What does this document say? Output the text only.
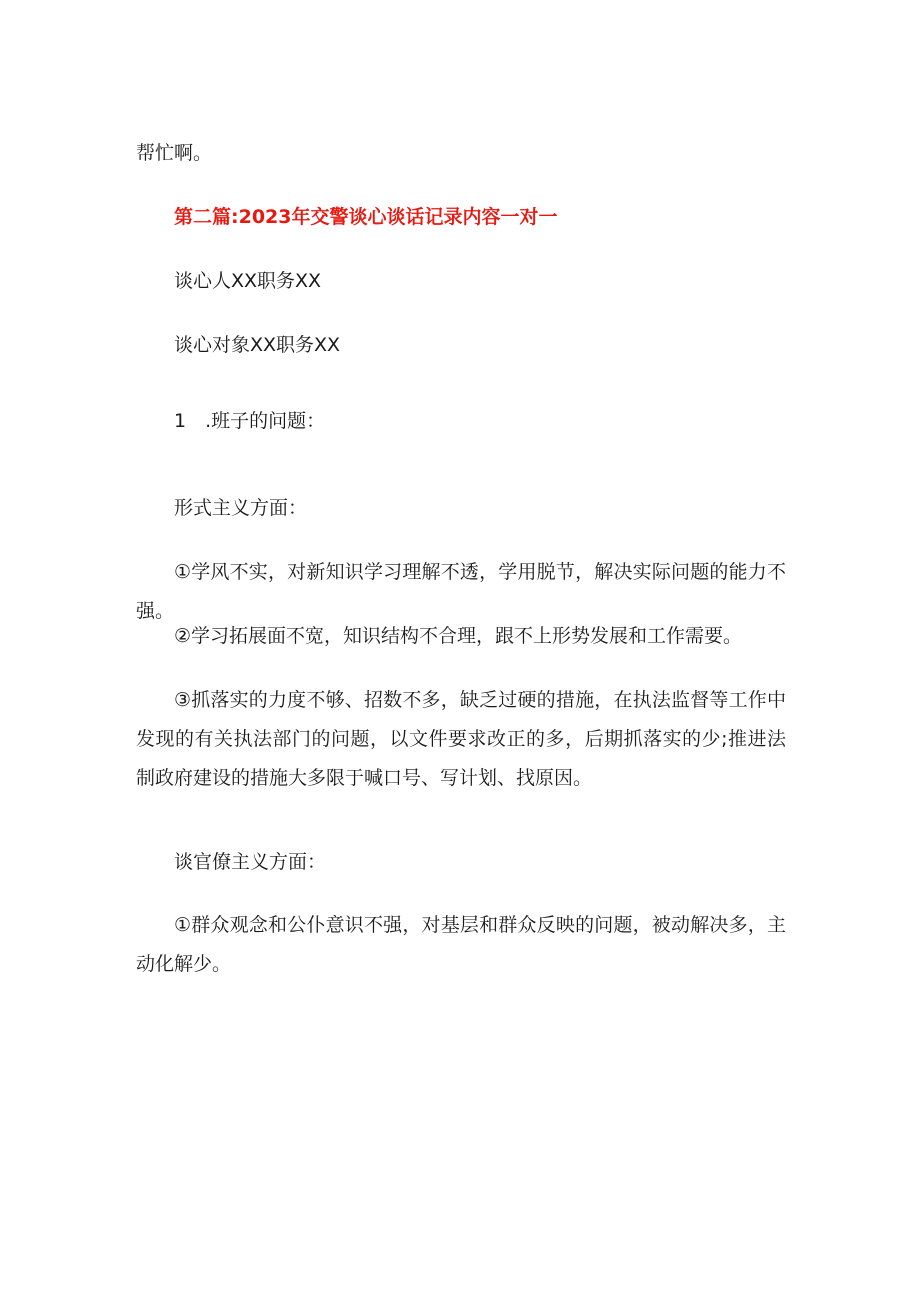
帮忙啊。

第二篇:2023年交警谈心谈话记录内容一对一

谈心人XX职务XX

谈心对象XX职务XX

1　.班子的问题：

形式主义方面：

①学风不实，对新知识学习理解不透，学用脱节，解决实际问题的能力不强。

②学习拓展面不宽，知识结构不合理，跟不上形势发展和工作需要。

③抓落实的力度不够、招数不多，缺乏过硬的措施，在执法监督等工作中发现的有关执法部门的问题，以文件要求改正的多，后期抓落实的少;推进法制政府建设的措施大多限于喊口号、写计划、找原因。

谈官僚主义方面：

①群众观念和公仆意识不强，对基层和群众反映的问题，被动解决多，主动化解少。
